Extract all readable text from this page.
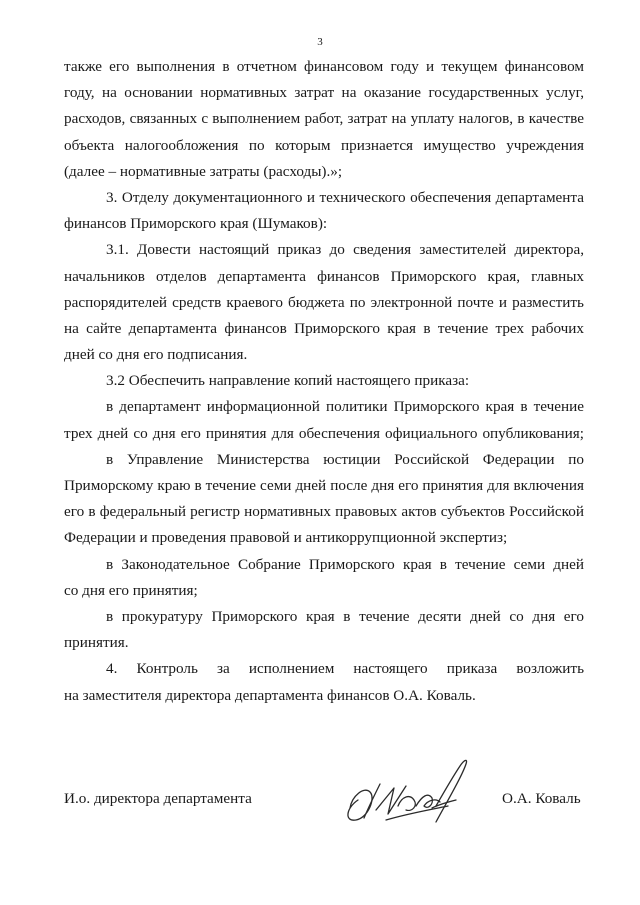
3
также его выполнения в отчетном финансовом году и текущем финансовом
году, на основании нормативных затрат на оказание государственных услуг,
расходов, связанных с выполнением работ, затрат на уплату налогов, в качестве
объекта налогообложения по которым признается имущество учреждения
(далее – нормативные затраты (расходы).»;
3. Отделу документационного и технического обеспечения департамента
финансов Приморского края (Шумаков):
3.1. Довести настоящий приказ до сведения заместителей директора,
начальников отделов департамента финансов Приморского края, главных
распорядителей средств краевого бюджета по электронной почте и разместить
на сайте департамента финансов Приморского края в течение трех рабочих
дней со дня его подписания.
3.2 Обеспечить направление копий настоящего приказа:
в департамент информационной политики Приморского края в течение
трех дней со дня его принятия для обеспечения официального опубликования;
в Управление Министерства юстиции Российской Федерации по
Приморскому краю в течение семи дней после дня его принятия для включения
его в федеральный регистр нормативных правовых актов субъектов Российской
Федерации и проведения правовой и антикоррупционной экспертиз;
в Законодательное Собрание Приморского края в течение семи дней
со дня его принятия;
в прокуратуру Приморского края в течение десяти дней со дня его
принятия.
4. Контроль за исполнением настоящего приказа возложить
на заместителя директора департамента финансов О.А. Коваль.
И.о. директора департамента	О.А. Коваль
